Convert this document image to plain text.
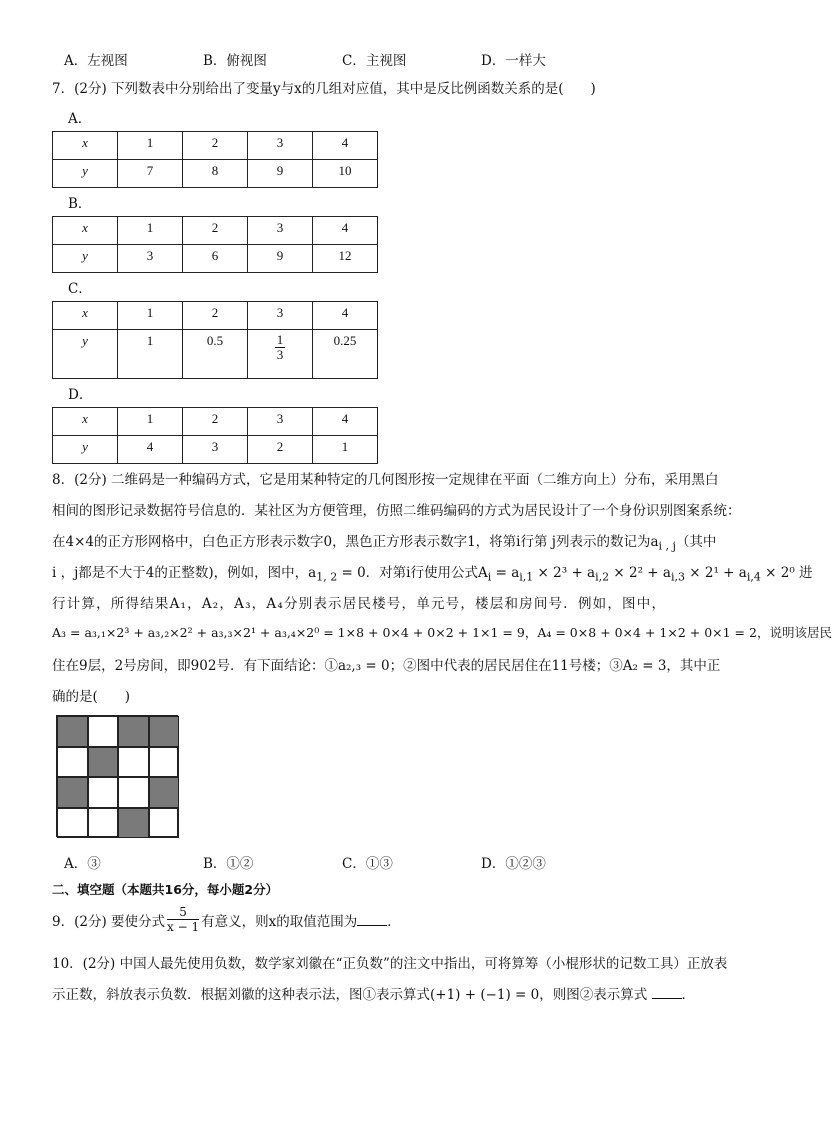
A．左视图	B．俯视图	C．主视图	D．一样大
7．(2分) 下列数表中分别给出了变量y与x的几组对应值，其中是反比例函数关系的是(　　)
A．
x	1	2	3	4
y	7	8	9	10
B．
x	1	2	3	4
y	3	6	9	12
C．
x	1	2	3	4
y	1	0.5	$\frac{1}{3}$	0.25
D．
x	1	2	3	4
y	4	3	2	1
8．(2分) 二维码是一种编码方式，它是用某种特定的几何图形按一定规律在平面（二维方向上）分布，采用黑白
相间的图形记录数据符号信息的．某社区为方便管理，仿照二维码编码的方式为居民设计了一个身份识别图案系统：
在4×4的正方形网格中，白色正方形表示数字0，黑色正方形表示数字1，将第i行第 j列表示的数记为$a_{i , j}$（其中
i ，j都是不大于4的正整数)，例如，图中，$a_{1, 2} = 0$．对第i行使用公式$A_i = a_{i,1} \times 2^3 + a_{i,2} \times 2^2 + a_{i,3} \times 2^1 + a_{i,4} \times 2^0$ 进
行计算，所得结果A₁，A₂，A₃，A₄分别表示居民楼号，单元号，楼层和房间号．例如，图中，
A₃ = a₃,₁×2³ + a₃,₂×2² + a₃,₃×2¹ + a₃,₄×2⁰ = 1×8 + 0×4 + 0×2 + 1×1 = 9，A₄ = 0×8 + 0×4 + 1×2 + 0×1 = 2，说明该居民
住在9层，2号房间，即902号．有下面结论：①a₂,₃ = 0；②图中代表的居民居住在11号楼；③A₂ = 3，其中正
确的是(　　)
A．③	B．①②	C．①③	D．①②③
二、填空题（本题共16分，每小题2分）
9．(2分) 要使分式 $\frac{5}{x - 1}$ 有意义，则x的取值范围为 ．
10．(2分) 中国人最先使用负数，数学家刘徽在“正负数”的注文中指出，可将算筹（小棍形状的记数工具）正放表
示正数，斜放表示负数．根据刘徽的这种表示法，图①表示算式(+1) + (−1) = 0，则图②表示算式	．
